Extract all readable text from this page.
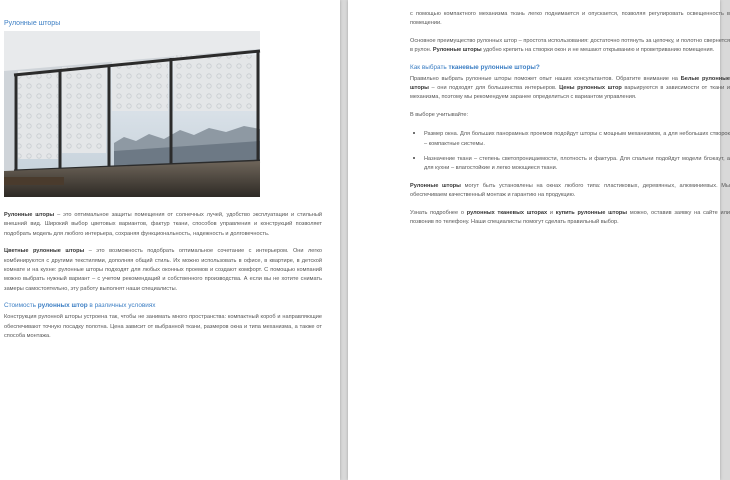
Рулонные шторы

Рулонные шторы – это оптимальное защиты помещения от солнечных лучей, удобство эксплуатации и стильный внешний вид. Широкий выбор цветовых вариантов, фактур ткани, способов управления и конструкций позволяет подобрать модель для любого интерьера, сохраняя функциональность, надежность и долговечность.

Цветные рулонные шторы – это возможность подобрать оптимальное сочетание с интерьером. Они легко комбинируются с другими текстилями, дополняя общий стиль. Их можно использовать в офисе, в квартире, в детской комнате и на кухне: рулонные шторы подходят для любых оконных проемов и создают комфорт. С помощью компаний можно выбрать нужный вариант – с учетом рекомендаций и собственного производства. А если вы не хотите снимать замеры самостоятельно, эту работу выполнят наши специалисты.

Стоимость рулонных штор в различных условиях

Конструкция рулонной шторы устроена так, чтобы не занимать много пространства: компактный короб и направляющие обеспечивают точную посадку полотна. Цена зависит от выбранной ткани, размеров окна и типа механизма, а также от способа монтажа.

с помощью компактного механизма ткань легко поднимается и опускается, позволяя регулировать освещенность в помещении.

Основное преимущество рулонных штор – простота использования: достаточно потянуть за цепочку, и полотно свернется в рулон. Рулонные шторы удобно крепить на створки окон и не мешают открыванию и проветриванию помещения.

Как выбрать тканевые рулонные шторы?

Правильно выбрать рулонные шторы поможет опыт наших консультантов. Обратите внимание на Белые рулонные шторы – они подходят для большинства интерьеров. Цены рулонных штор варьируются в зависимости от ткани и механизма, поэтому мы рекомендуем заранее определиться с вариантом управления.

В выборе учитывайте:

• Размер окна. Для больших панорамных проемов подойдут шторы с мощным механизмом, а для небольших створок – компактные системы.
• Назначение ткани – степень светопроницаемости, плотность и фактура. Для спальни подойдут модели блэкаут, а для кухни – влагостойкие и легко моющиеся ткани.

Рулонные шторы могут быть установлены на окнах любого типа: пластиковых, деревянных, алюминиевых. Мы обеспечиваем качественный монтаж и гарантию на продукцию.

Узнать подробнее о рулонных тканевых шторах и купить рулонные шторы можно, оставив заявку на сайте или позвонив по телефону. Наши специалисты помогут сделать правильный выбор.
